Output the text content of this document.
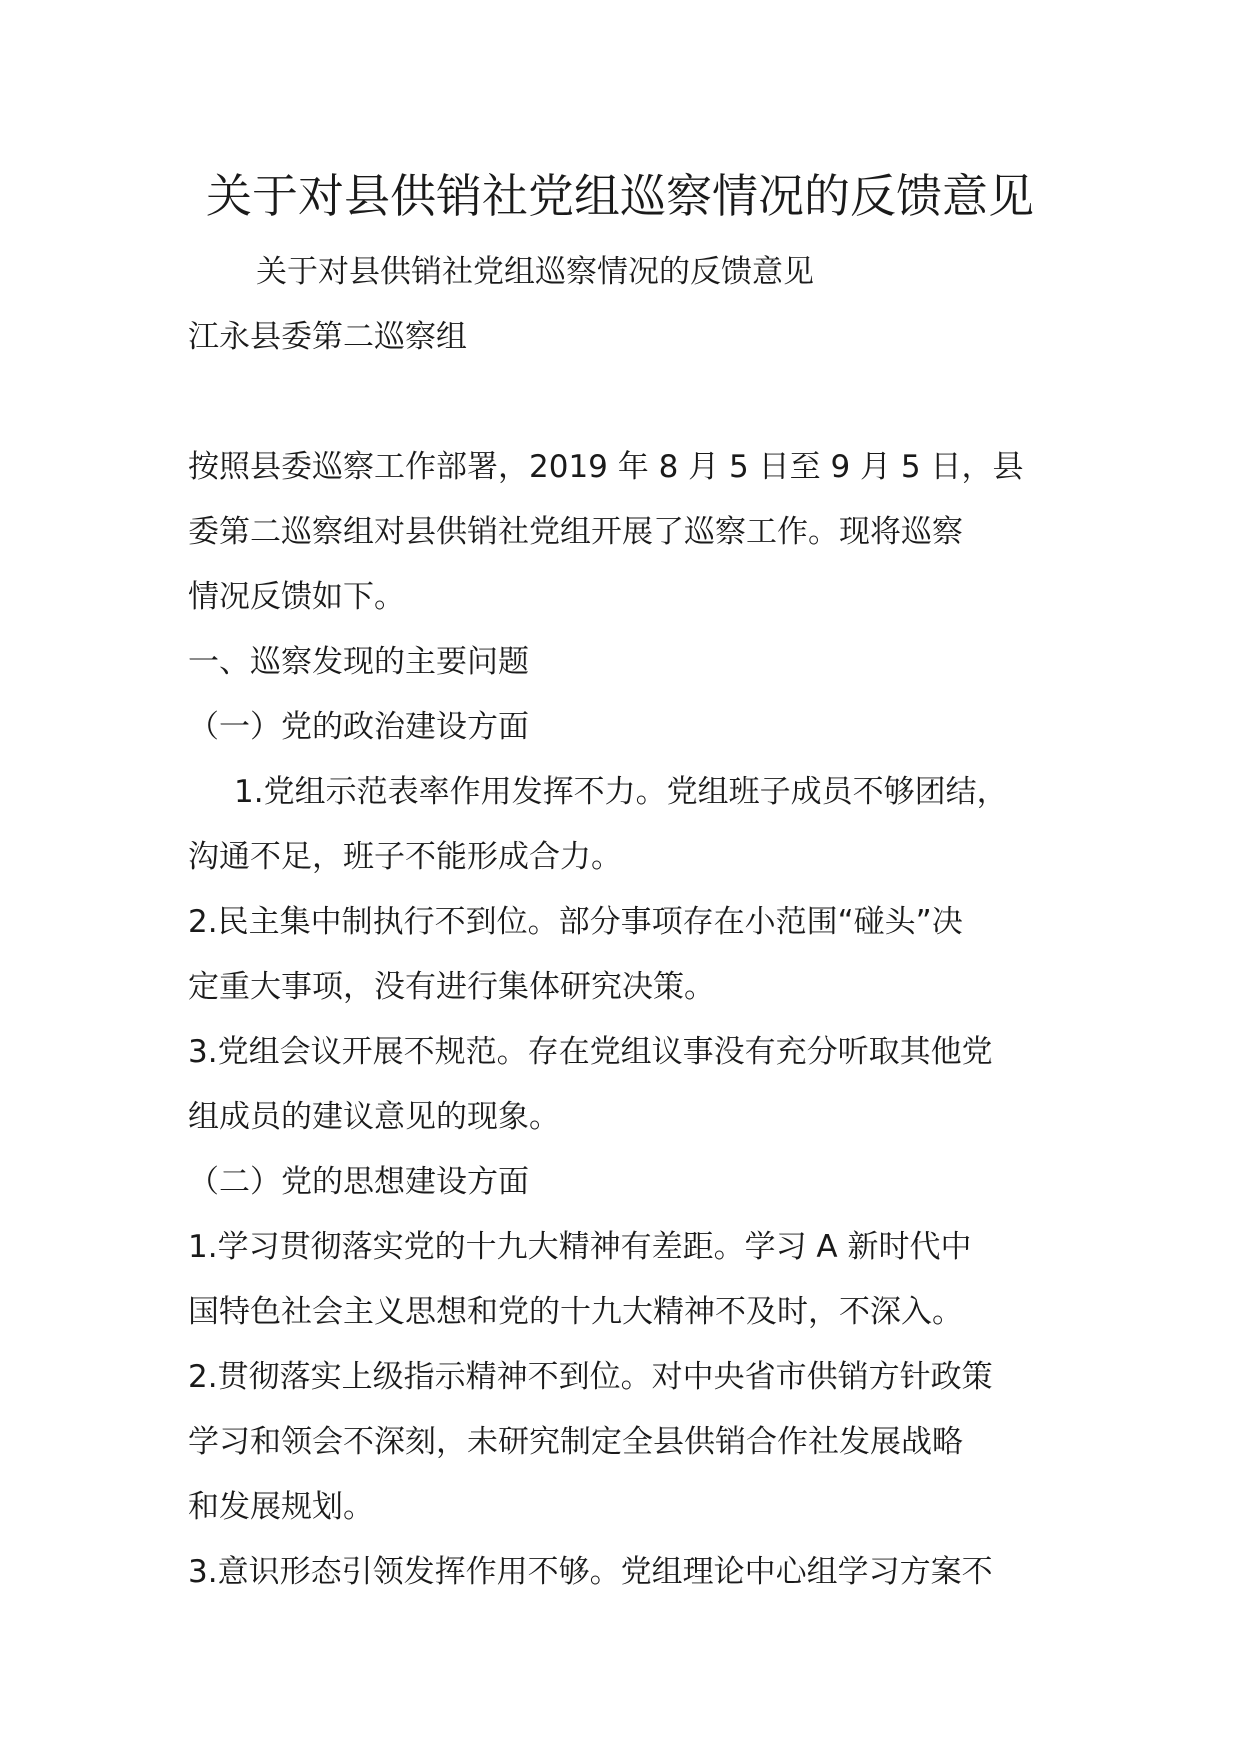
关于对县供销社党组巡察情况的反馈意见

关于对县供销社党组巡察情况的反馈意见

江永县委第二巡察组

按照县委巡察工作部署，2019 年 8 月 5 日至 9 月 5 日，县

委第二巡察组对县供销社党组开展了巡察工作。现将巡察

情况反馈如下。

一、巡察发现的主要问题

（一）党的政治建设方面

1.党组示范表率作用发挥不力。党组班子成员不够团结，

沟通不足，班子不能形成合力。

2.民主集中制执行不到位。部分事项存在小范围“碰头”决

定重大事项，没有进行集体研究决策。

3.党组会议开展不规范。存在党组议事没有充分听取其他党

组成员的建议意见的现象。

（二）党的思想建设方面

1.学习贯彻落实党的十九大精神有差距。学习 A 新时代中

国特色社会主义思想和党的十九大精神不及时，不深入。

2.贯彻落实上级指示精神不到位。对中央省市供销方针政策

学习和领会不深刻，未研究制定全县供销合作社发展战略

和发展规划。

3.意识形态引领发挥作用不够。党组理论中心组学习方案不
